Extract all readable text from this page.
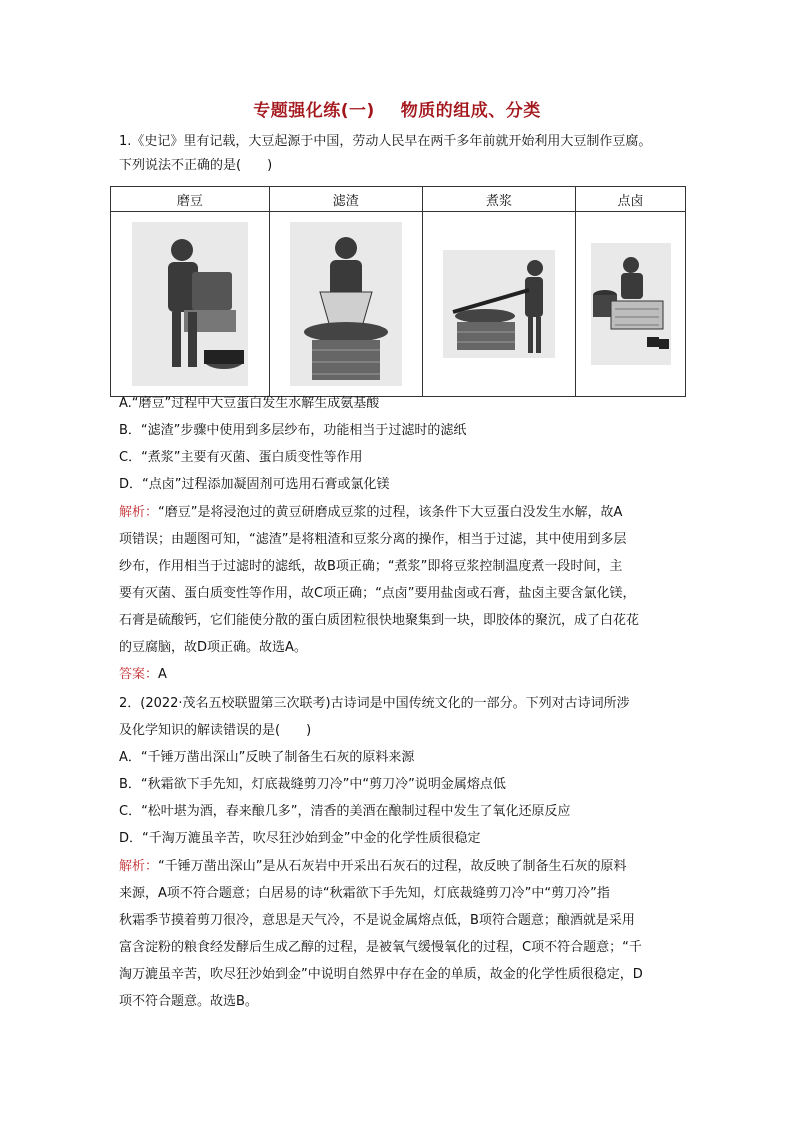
专题强化练(一) 物质的组成、分类
1.《史记》里有记载，大豆起源于中国，劳动人民早在两千多年前就开始利用大豆制作豆腐。
下列说法不正确的是(　　)
磨豆	滤渣	煮浆	点卤

A.“磨豆”过程中大豆蛋白发生水解生成氨基酸
B．“滤渣”步骤中使用到多层纱布，功能相当于过滤时的滤纸
C．“煮浆”主要有灭菌、蛋白质变性等作用
D．“点卤”过程添加凝固剂可选用石膏或氯化镁
解析：“磨豆”是将浸泡过的黄豆研磨成豆浆的过程，该条件下大豆蛋白没发生水解，故A
项错误；由题图可知，“滤渣”是将粗渣和豆浆分离的操作，相当于过滤，其中使用到多层
纱布，作用相当于过滤时的滤纸，故B项正确；“煮浆”即将豆浆控制温度煮一段时间，主
要有灭菌、蛋白质变性等作用，故C项正确；“点卤”要用盐卤或石膏，盐卤主要含氯化镁，
石膏是硫酸钙，它们能使分散的蛋白质团粒很快地聚集到一块，即胶体的聚沉，成了白花花
的豆腐脑，故D项正确。故选A。
答案：A
2．(2022·茂名五校联盟第三次联考)古诗词是中国传统文化的一部分。下列对古诗词所涉
及化学知识的解读错误的是(　　)
A．“千锤万凿出深山”反映了制备生石灰的原料来源
B．“秋霜欲下手先知，灯底裁缝剪刀冷”中“剪刀冷”说明金属熔点低
C．“松叶堪为酒，春来酿几多”，清香的美酒在酿制过程中发生了氧化还原反应
D．“千淘万漉虽辛苦，吹尽狂沙始到金”中金的化学性质很稳定
解析：“千锤万凿出深山”是从石灰岩中开采出石灰石的过程，故反映了制备生石灰的原料
来源，A项不符合题意；白居易的诗“秋霜欲下手先知，灯底裁缝剪刀冷”中“剪刀冷”指
秋霜季节摸着剪刀很冷，意思是天气冷，不是说金属熔点低，B项符合题意；酿酒就是采用
富含淀粉的粮食经发酵后生成乙醇的过程，是被氧气缓慢氧化的过程，C项不符合题意；“千
淘万漉虽辛苦，吹尽狂沙始到金”中说明自然界中存在金的单质，故金的化学性质很稳定，D
项不符合题意。故选B。
